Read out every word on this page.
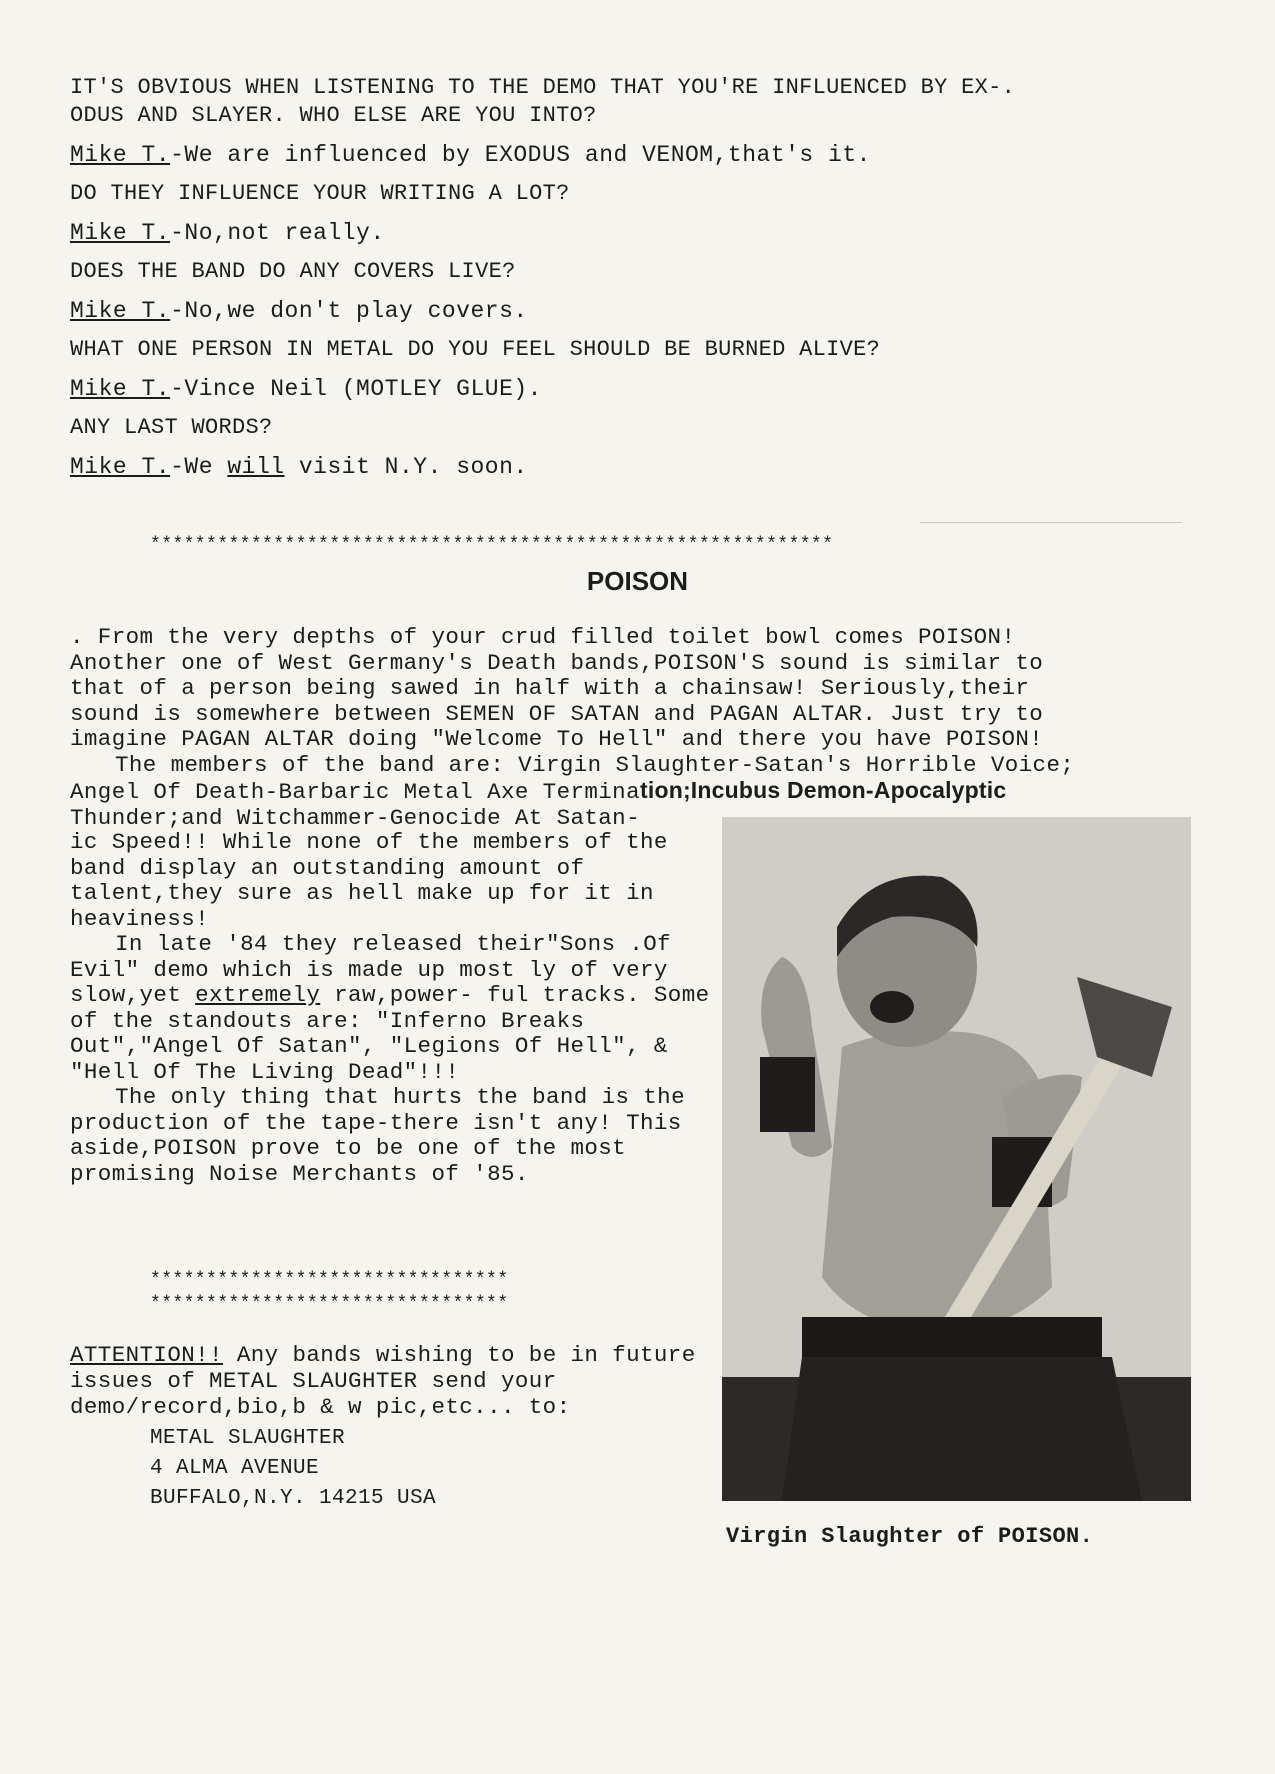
IT'S OBVIOUS WHEN LISTENING TO THE DEMO THAT YOU'RE INFLUENCED BY EX-.

ODUS AND SLAYER. WHO ELSE ARE YOU INTO?

Mike T.-We are influenced by EXODUS and VENOM,that's it.

DO THEY INFLUENCE YOUR WRITING A LOT?

Mike T.-No,not really.

DOES THE BAND DO ANY COVERS LIVE?

Mike T.-No,we don't play covers.

WHAT ONE PERSON IN METAL DO YOU FEEL SHOULD BE BURNED ALIVE?

Mike T.-Vince Neil (MOTLEY GLUE).

ANY LAST WORDS?

Mike T.-We will visit N.Y. soon.

*************************************************************
POISON

. From the very depths of your crud filled toilet bowl comes POISON!

Another one of West Germany's Death bands,POISON'S sound is similar to

that of a person being sawed in half with a chainsaw! Seriously,their

sound is somewhere between SEMEN OF SATAN and PAGAN ALTAR. Just try to

imagine PAGAN ALTAR doing "Welcome To Hell" and there you have POISON!

The members of the band are: Virgin Slaughter-Satan's Horrible Voice;

Angel Of Death-Barbaric Metal Axe Termination;Incubus Demon-Apocalyptic

Thunder;and Witchammer-Genocide At Satan-

ic Speed!! While none of the members of the band display an outstanding amount of talent,they sure as hell make up for it in heaviness!

In late '84 they released their"Sons .Of Evil" demo which is made up most ly of very slow,yet extremely raw,power- ful tracks. Some of the standouts are: "Inferno Breaks Out","Angel Of Satan", "Legions Of Hell", & "Hell Of The Living Dead"!!!

The only thing that hurts the band is the production of the tape-there isn't any! This aside,POISON prove to be one of the most promising Noise Merchants of '85.

********************************
********************************

ATTENTION!! Any bands wishing to be in future issues of METAL SLAUGHTER send your demo/record,bio,b & w pic,etc... to:

METAL SLAUGHTER

4 ALMA AVENUE

BUFFALO,N.Y. 14215 USA

Virgin Slaughter of POISON.
